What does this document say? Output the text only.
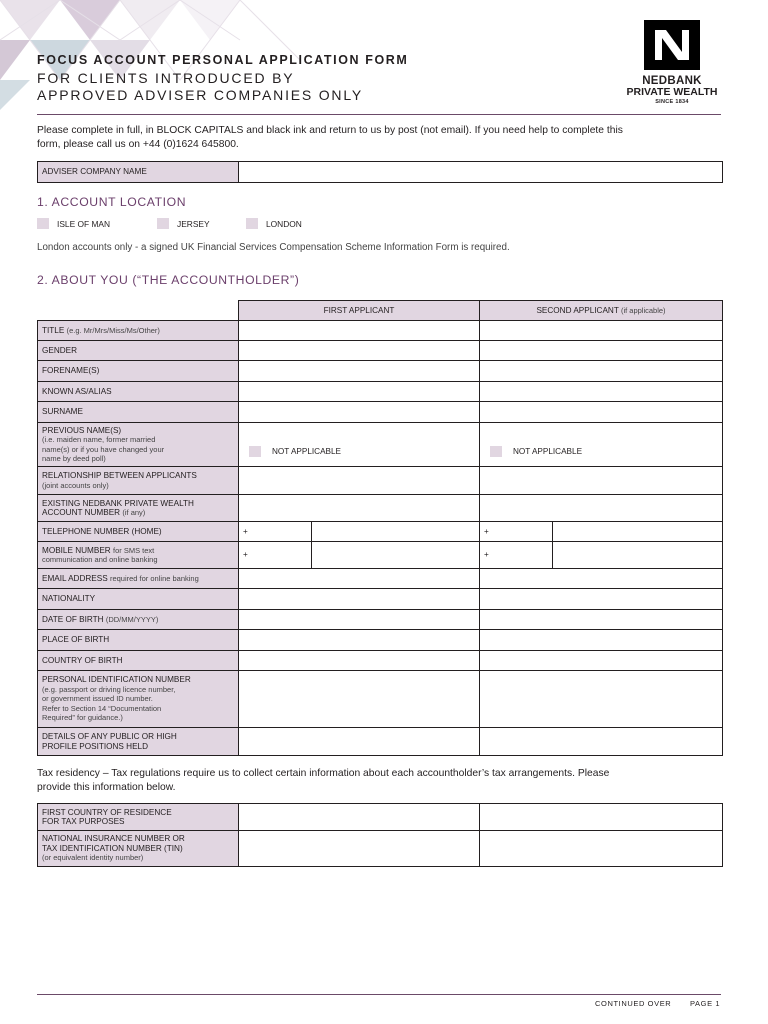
FOCUS ACCOUNT PERSONAL APPLICATION FORM
FOR CLIENTS INTRODUCED BY
APPROVED ADVISER COMPANIES ONLY
NEDBANK
PRIVATE WEALTH
SINCE 1834
Please complete in full, in BLOCK CAPITALS and black ink and return to us by post (not email). If you need help to complete this
form, please call us on +44 (0)1624 645800.
ADVISER COMPANY NAME	
1. ACCOUNT LOCATION
ISLE OF MAN	JERSEY	LONDON
London accounts only - a signed UK Financial Services Compensation Scheme Information Form is required.
2. ABOUT YOU (“THE ACCOUNTHOLDER”)
	FIRST APPLICANT		SECOND APPLICANT (if applicable)	
TITLE (e.g. Mr/Mrs/Miss/Ms/Other)				
GENDER				
FORENAME(S)				
KNOWN AS/ALIAS				
SURNAME				

PREVIOUS NAME(S)
(i.e. maiden name, former married
name(s) or if you have changed your
name by deed poll)	NOT APPLICABLE		NOT APPLICABLE	

RELATIONSHIP BETWEEN APPLICANTS
(joint accounts only)				

EXISTING NEDBANK PRIVATE WEALTH
ACCOUNT NUMBER (if any)				

TELEPHONE NUMBER (HOME)	+		+	

MOBILE NUMBER for SMS text
communication and online banking	+		+	
EMAIL ADDRESS required for online banking				
NATIONALITY				
DATE OF BIRTH (DD/MM/YYYY)				
PLACE OF BIRTH				
COUNTRY OF BIRTH				

PERSONAL IDENTIFICATION NUMBER
(e.g. passport or driving licence number,
or government issued ID number.
Refer to Section 14 “Documentation
Required” for guidance.)				

DETAILS OF ANY PUBLIC OR HIGH
PROFILE POSITIONS HELD				

Tax residency – Tax regulations require us to collect certain information about each accountholder’s tax arrangements. Please
provide this information below.
FIRST COUNTRY OF RESIDENCE
FOR TAX PURPOSES		

NATIONAL INSURANCE NUMBER OR
TAX IDENTIFICATION NUMBER (TIN)
(or equivalent identity number)		

CONTINUED OVER PAGE 1
